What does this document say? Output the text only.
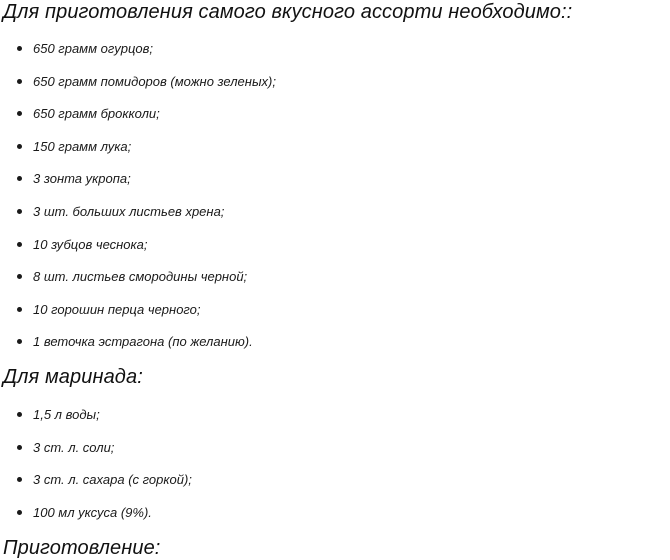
Для приготовления самого вкусного ассорти необходимо::
650 грамм огурцов;
650 грамм помидоров (можно зеленых);
650 грамм брокколи;
150 грамм лука;
3 зонта укропа;
3 шт. больших листьев хрена;
10 зубцов чеснока;
8 шт. листьев смородины черной;
10 горошин перца черного;
1 веточка эстрагона (по желанию).
Для маринада:
1,5 л воды;
3 ст. л. соли;
3 ст. л. сахара (с горкой);
100 мл уксуса (9%).
Приготовление:
